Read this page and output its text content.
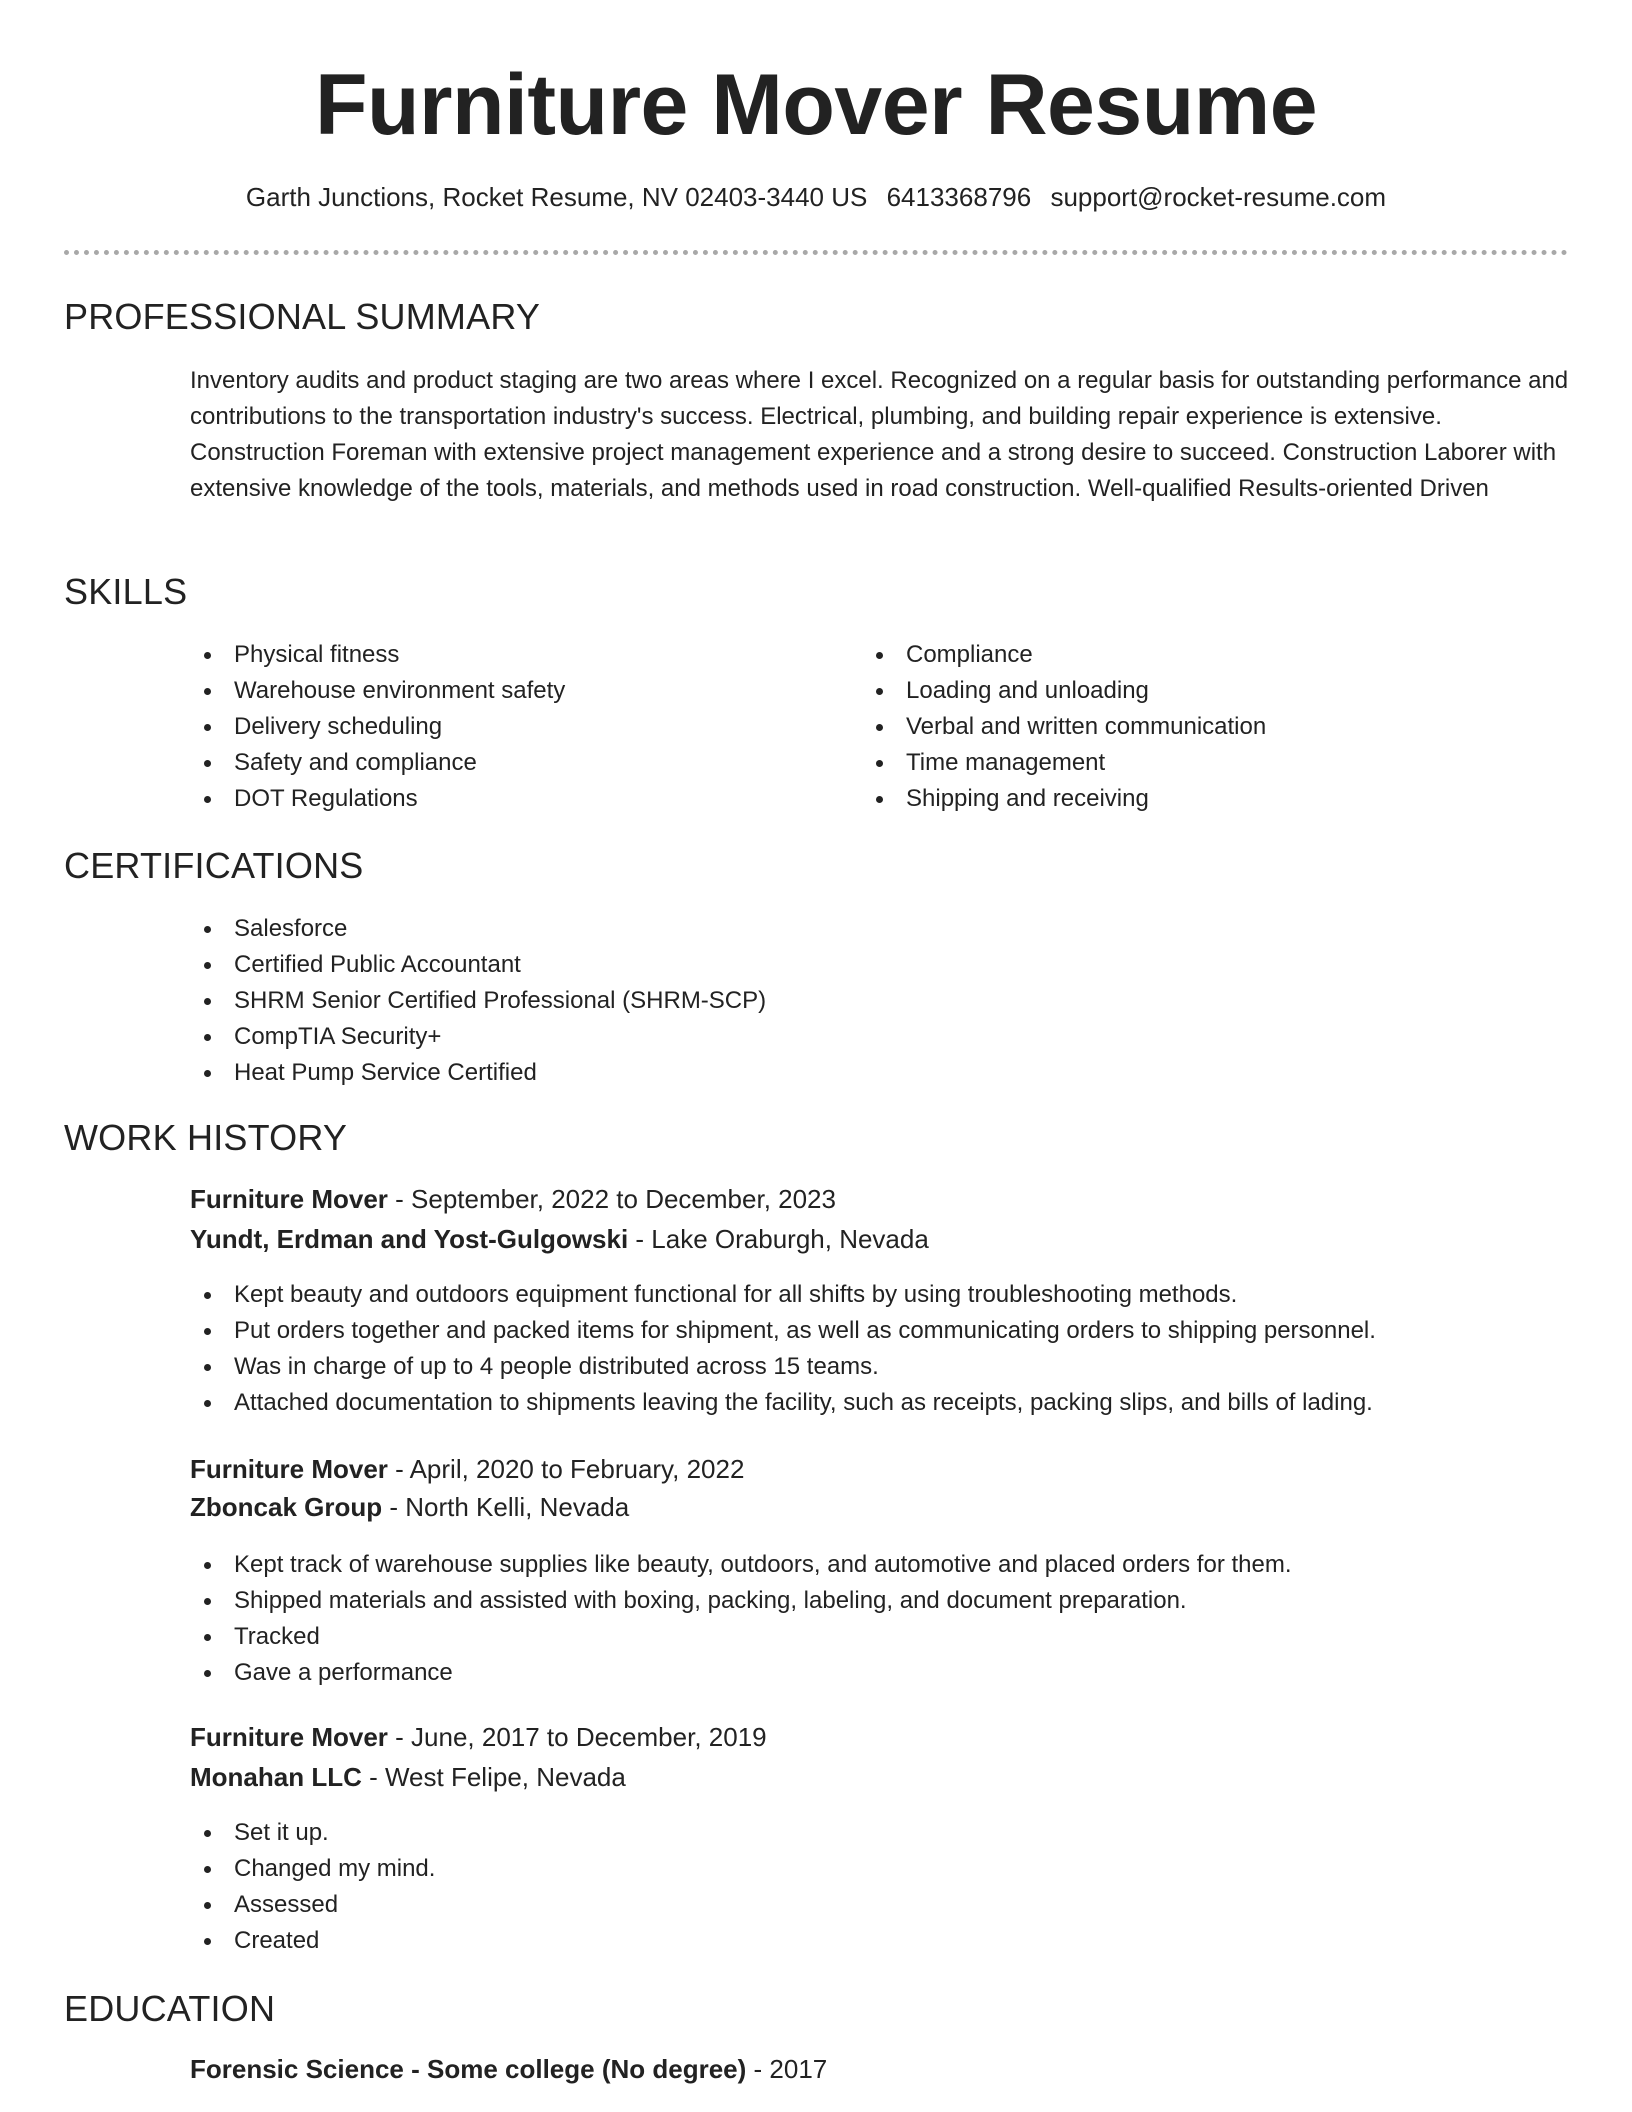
Furniture Mover Resume
Garth Junctions, Rocket Resume, NV 02403-3440 US 6413368796 support@rocket-resume.com
PROFESSIONAL SUMMARY

Inventory audits and product staging are two areas where I excel. Recognized on a regular basis for outstanding performance and contributions to the transportation industry's success. Electrical, plumbing, and building repair experience is extensive. Construction Foreman with extensive project management experience and a strong desire to succeed. Construction Laborer with extensive knowledge of the tools, materials, and methods used in road construction. Well-qualified Results-oriented Driven

SKILLS
Physical fitness
Warehouse environment safety
Delivery scheduling
Safety and compliance
DOT Regulations
Compliance
Loading and unloading
Verbal and written communication
Time management
Shipping and receiving
CERTIFICATIONS
Salesforce
Certified Public Accountant
SHRM Senior Certified Professional (SHRM-SCP)
CompTIA Security+
Heat Pump Service Certified
WORK HISTORY
Furniture Mover - September, 2022 to December, 2023
Yundt, Erdman and Yost-Gulgowski - Lake Oraburgh, Nevada
Kept beauty and outdoors equipment functional for all shifts by using troubleshooting methods.
Put orders together and packed items for shipment, as well as communicating orders to shipping personnel.
Was in charge of up to 4 people distributed across 15 teams.
Attached documentation to shipments leaving the facility, such as receipts, packing slips, and bills of lading.
Furniture Mover - April, 2020 to February, 2022
Zboncak Group - North Kelli, Nevada
Kept track of warehouse supplies like beauty, outdoors, and automotive and placed orders for them.
Shipped materials and assisted with boxing, packing, labeling, and document preparation.
Tracked
Gave a performance
Furniture Mover - June, 2017 to December, 2019
Monahan LLC - West Felipe, Nevada
Set it up.
Changed my mind.
Assessed
Created
EDUCATION
Forensic Science - Some college (No degree) - 2017
